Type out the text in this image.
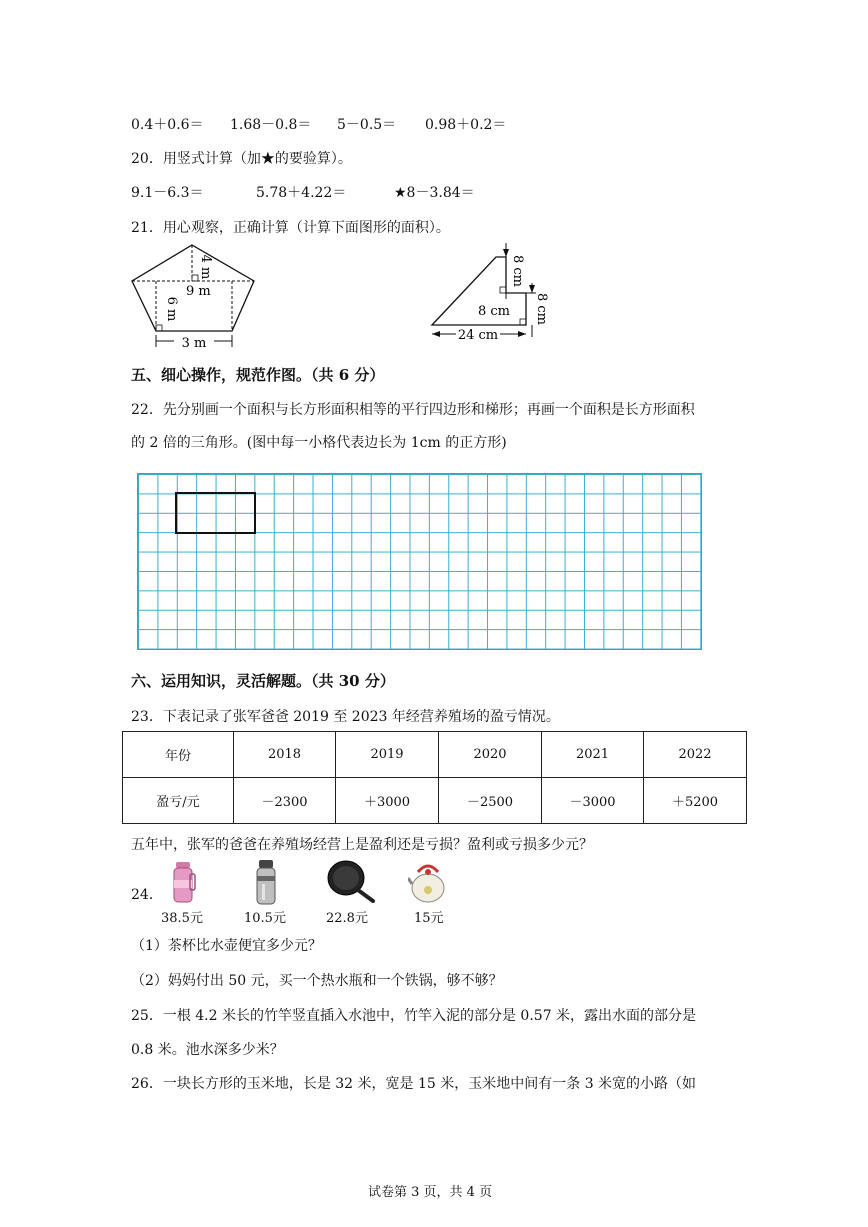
0.4＋0.6＝ 1.68－0.8＝ 5－0.5＝ 0.98＋0.2＝
20．用竖式计算（加★的要验算）。
9.1－6.3＝	5.78＋4.22＝	★8－3.84＝
21．用心观察，正确计算（计算下面图形的面积）。
9 m
4 m
6 m
3 m
8 cm
8 cm 8 cm
24 cm
五、细心操作，规范作图。（共 6 分）
22．先分别画一个面积与长方形面积相等的平行四边形和梯形；再画一个面积是长方形面积
的 2 倍的三角形。(图中每一小格代表边长为 1cm 的正方形)
六、运用知识，灵活解题。（共 30 分）
23．下表记录了张军爸爸 2019 至 2023 年经营养殖场的盈亏情况。
年份	2018	2019	2020	2021	2022
盈亏/元	－2300	＋3000	－2500	－3000	＋5200
五年中，张军的爸爸在养殖场经营上是盈利还是亏损？盈利或亏损多少元？
24．
38.5元	10.5元	22.8元	15元
（1）茶杯比水壶便宜多少元？
（2）妈妈付出 50 元，买一个热水瓶和一个铁锅，够不够？
25．一根 4.2 米长的竹竿竖直插入水池中，竹竿入泥的部分是 0.57 米，露出水面的部分是
0.8 米。池水深多少米？
26．一块长方形的玉米地，长是 32 米，宽是 15 米，玉米地中间有一条 3 米宽的小路（如
试卷第 3 页，共 4 页
